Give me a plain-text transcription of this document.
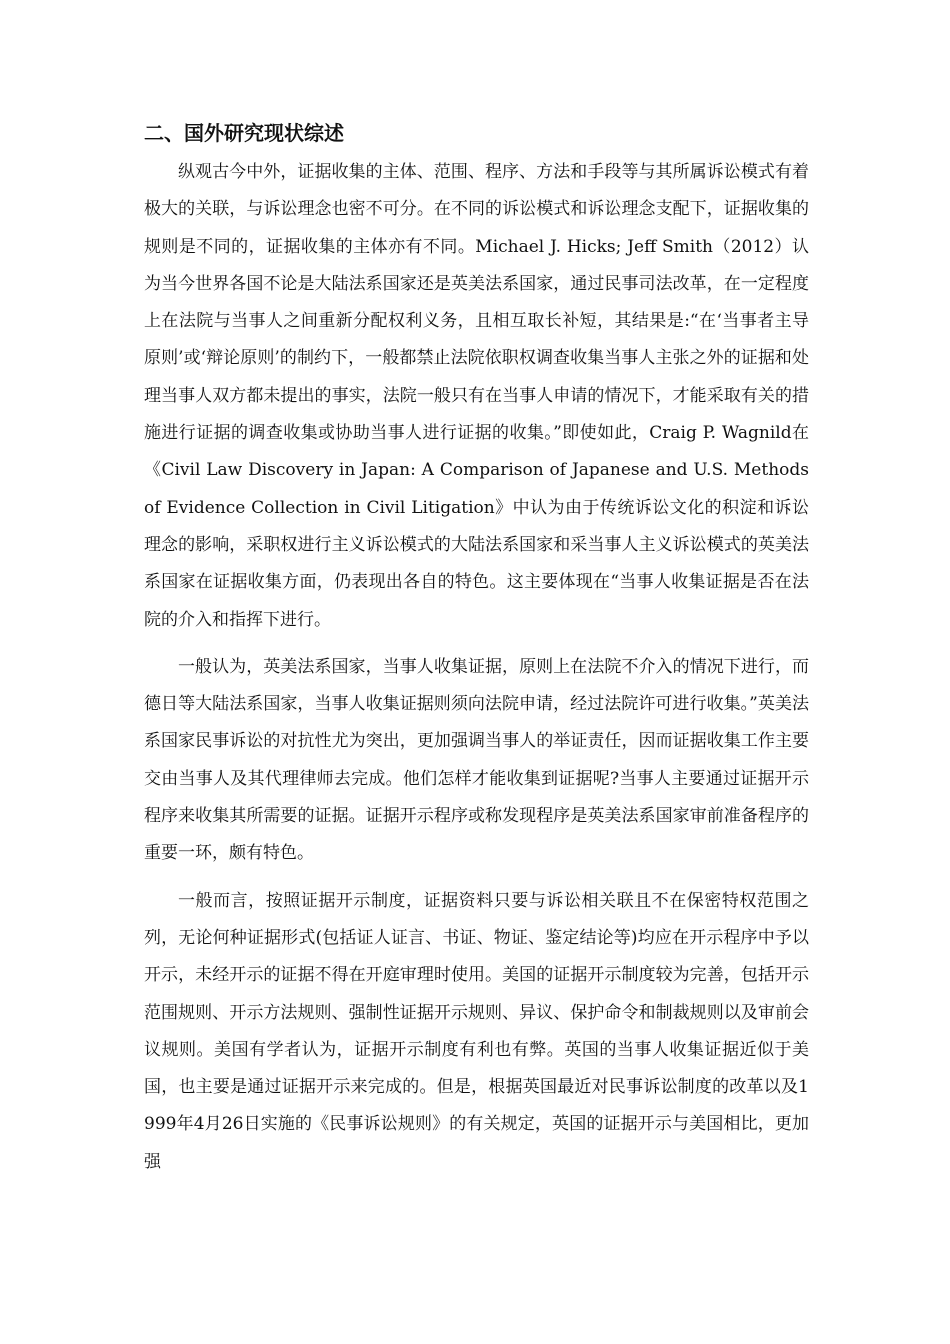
二、国外研究现状综述

纵观古今中外，证据收集的主体、范围、程序、方法和手段等与其所属诉讼模式有着极大的关联，与诉讼理念也密不可分。在不同的诉讼模式和诉讼理念支配下，证据收集的规则是不同的，证据收集的主体亦有不同。Michael J. Hicks; Jeff Smith（2012）认为当今世界各国不论是大陆法系国家还是英美法系国家，通过民事司法改革，在一定程度上在法院与当事人之间重新分配权利义务，且相互取长补短，其结果是:“在‘当事者主导原则’或‘辩论原则’的制约下，一般都禁止法院依职权调查收集当事人主张之外的证据和处理当事人双方都未提出的事实，法院一般只有在当事人申请的情况下，才能采取有关的措施进行证据的调查收集或协助当事人进行证据的收集。”即使如此，Craig P. Wagnild在《Civil Law Discovery in Japan: A Comparison of Japanese and U.S. Methods of Evidence Collection in Civil Litigation》中认为由于传统诉讼文化的积淀和诉讼理念的影响，采职权进行主义诉讼模式的大陆法系国家和采当事人主义诉讼模式的英美法系国家在证据收集方面，仍表现出各自的特色。这主要体现在“当事人收集证据是否在法院的介入和指挥下进行。

一般认为，英美法系国家，当事人收集证据，原则上在法院不介入的情况下进行，而德日等大陆法系国家，当事人收集证据则须向法院申请，经过法院许可进行收集。”英美法系国家民事诉讼的对抗性尤为突出，更加强调当事人的举证责任，因而证据收集工作主要交由当事人及其代理律师去完成。他们怎样才能收集到证据呢?当事人主要通过证据开示程序来收集其所需要的证据。证据开示程序或称发现程序是英美法系国家审前准备程序的重要一环，颇有特色。

一般而言，按照证据开示制度，证据资料只要与诉讼相关联且不在保密特权范围之列，无论何种证据形式(包括证人证言、书证、物证、鉴定结论等)均应在开示程序中予以开示，未经开示的证据不得在开庭审理时使用。美国的证据开示制度较为完善，包括开示范围规则、开示方法规则、强制性证据开示规则、异议、保护命令和制裁规则以及审前会议规则。美国有学者认为，证据开示制度有利也有弊。英国的当事人收集证据近似于美国，也主要是通过证据开示来完成的。但是，根据英国最近对民事诉讼制度的改革以及1999年4月26日实施的《民事诉讼规则》的有关规定，英国的证据开示与美国相比，更加强
